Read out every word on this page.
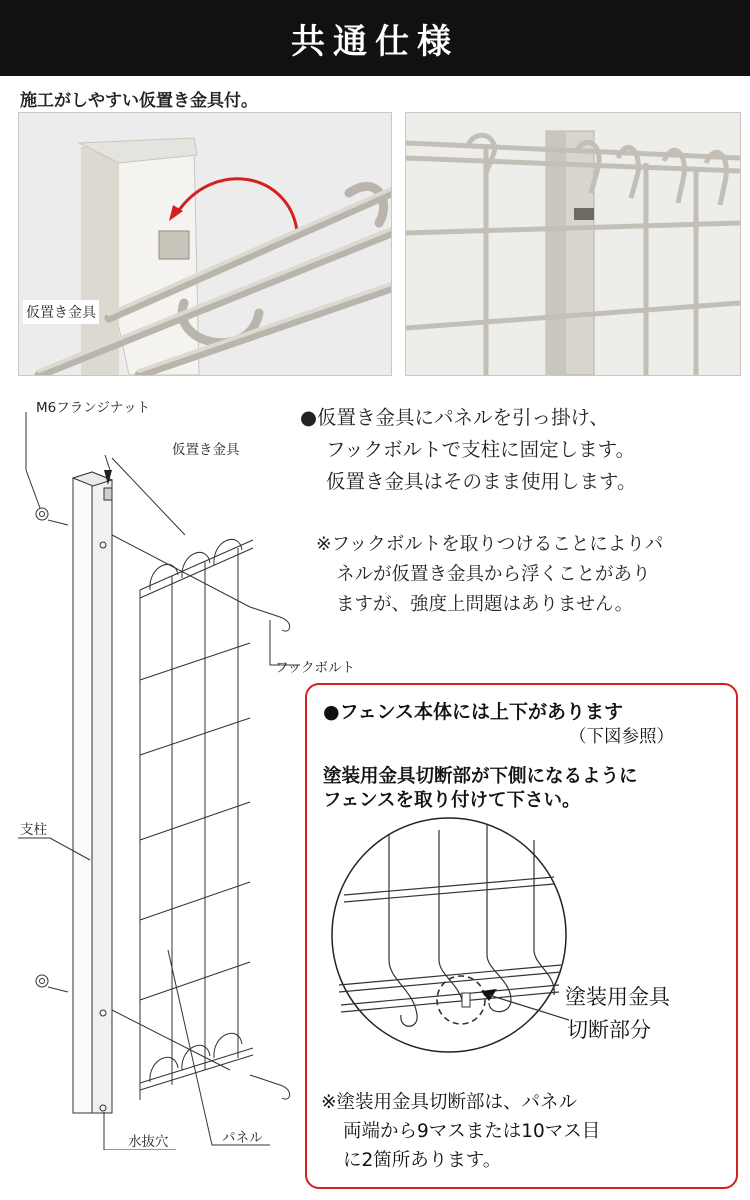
共通仕様
施工がしやすい仮置き金具付。
仮置き金具
M6フランジナット
仮置き金具
フックボルト
支柱
水抜穴	パネル

●仮置き金具にパネルを引っ掛け、

フックボルトで支柱に固定します。

仮置き金具はそのまま使用します。

※フックボルトを取りつけることによりパ

ネルが仮置き金具から浮くことがあり

ますが、強度上問題はありません。

●フェンス本体には上下があります
（下図参照）

塗装用金具切断部が下側になるように

フェンスを取り付けて下さい。

塗装用金具

切断部分

※塗装用金具切断部は、パネル

両端から9マスまたは10マス目

に2箇所あります。
